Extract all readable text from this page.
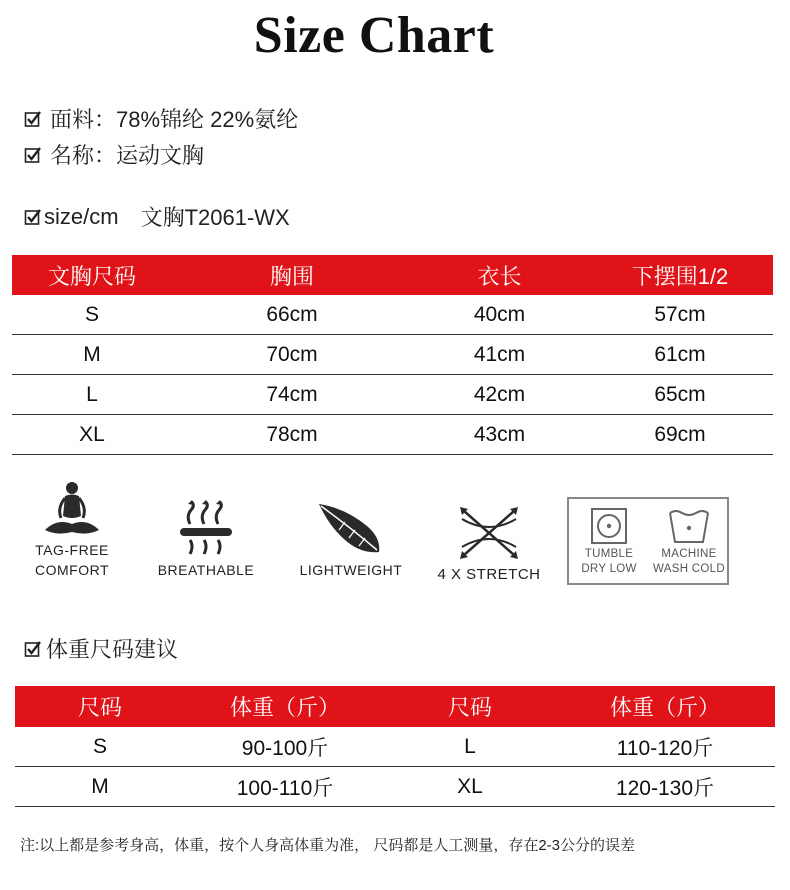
Size Chart
面料： 78%锦纶 22%氨纶
名称： 运动文胸
size/cm 文胸T2061-WX
文胸尺码	胸围	衣长	下摆围1/2
S	66cm	40cm	57cm
M	70cm	41cm	61cm
L	74cm	42cm	65cm
XL	78cm	43cm	69cm
TAG-FREE
COMFORT	BREATHABLE	LIGHTWEIGHT	4 X STRETCH
TUMBLE
DRY LOW
MACHINE
WASH COLD
体重尺码建议
尺码	体重（斤）	尺码	体重（斤）
S	90-100斤	L	110-120斤
M	100-110斤	XL	120-130斤
注:以上都是参考身高，体重，按个人身高体重为准， 尺码都是人工测量，存在2-3公分的误差
